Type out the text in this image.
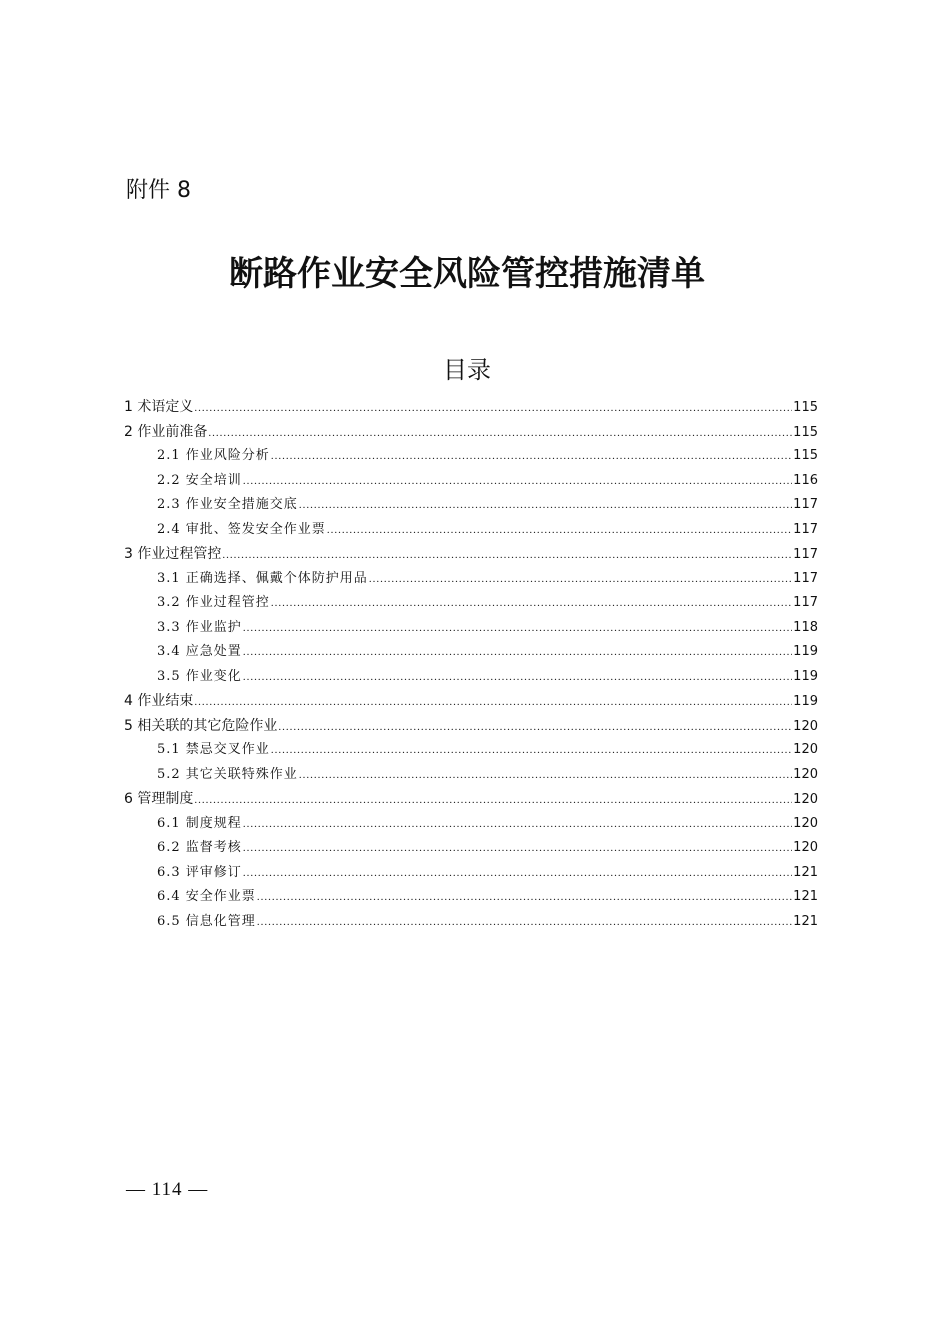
附件 8
断路作业安全风险管控措施清单
目录
1 术语定义 .....	115
2 作业前准备 .....	115
2.1 作业风险分析 .....	115
2.2 安全培训 .....	116
2.3 作业安全措施交底 .....	117
2.4 审批、签发安全作业票 .....	117
3 作业过程管控 .....	117
3.1 正确选择、佩戴个体防护用品 .....	117
3.2 作业过程管控 .....	117
3.3 作业监护 .....	118
3.4 应急处置 .....	119
3.5 作业变化 .....	119
4 作业结束 .....	119
5 相关联的其它危险作业 .....	120
5.1 禁忌交叉作业 .....	120
5.2 其它关联特殊作业 .....	120
6 管理制度 .....	120
6.1 制度规程 .....	120
6.2 监督考核 .....	120
6.3 评审修订 .....	121
6.4 安全作业票 .....	121
6.5 信息化管理 .....	121
— 114 —
